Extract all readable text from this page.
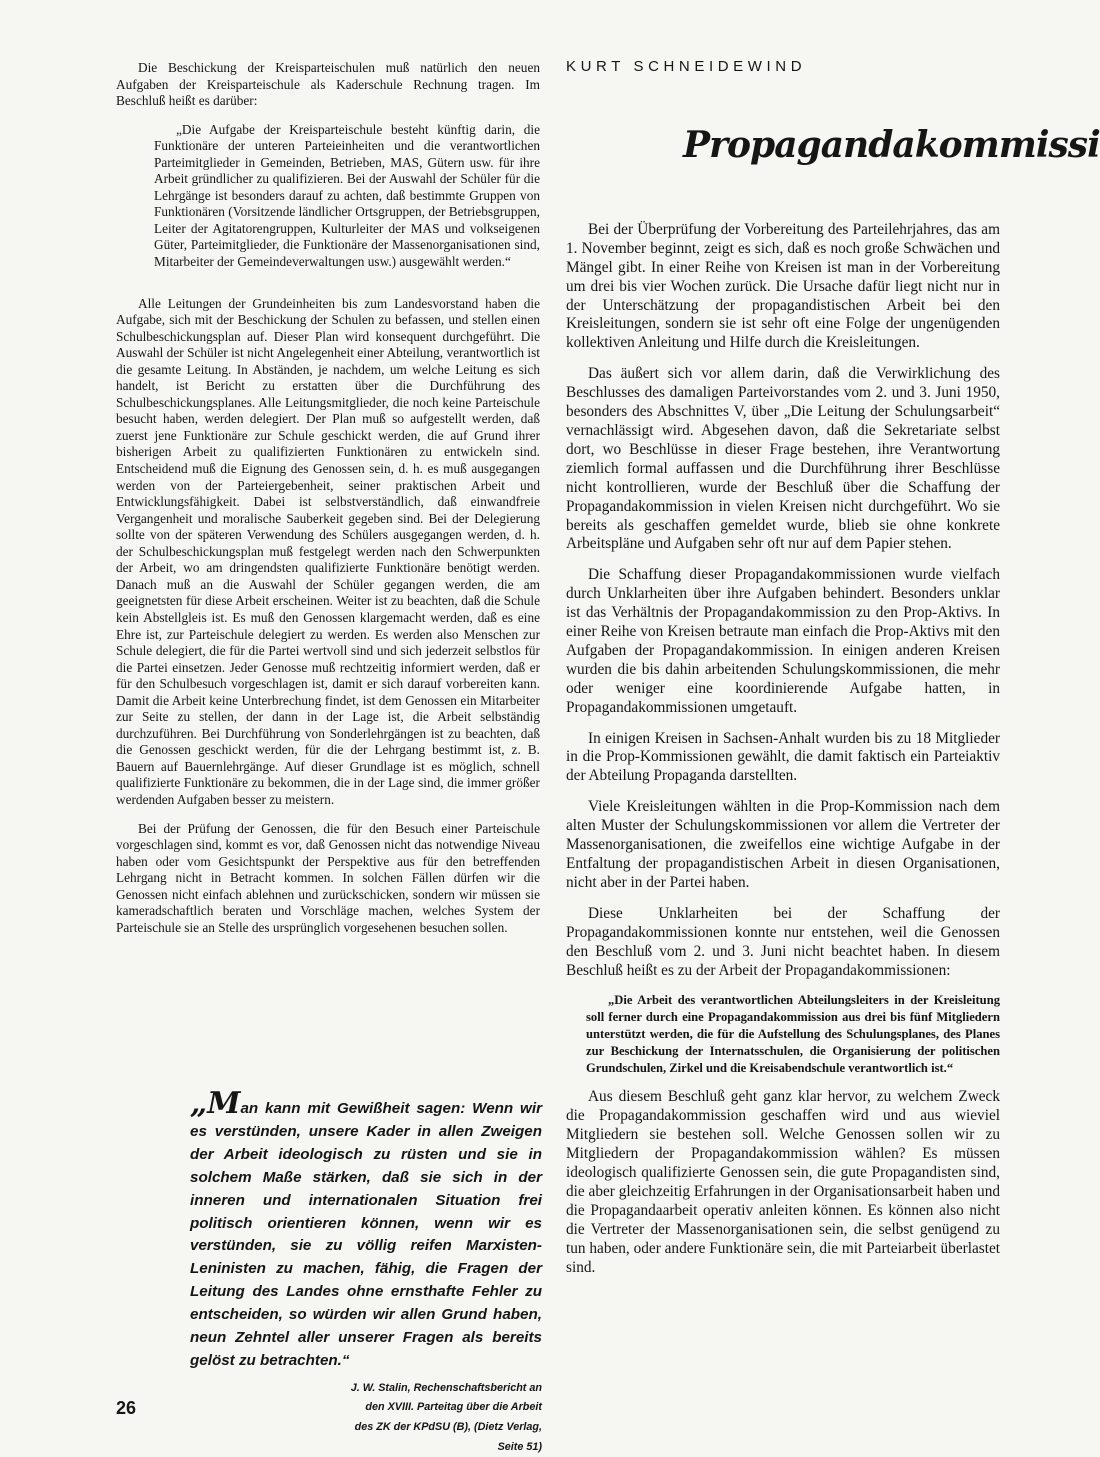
Die Beschickung der Kreisparteischulen muß natürlich den neuen Aufgaben der Kreisparteischule als Kaderschule Rechnung tragen. Im Beschluß heißt es darüber:

„Die Aufgabe der Kreisparteischule besteht künftig darin, die Funktionäre der unteren Parteieinheiten und die verantwortlichen Parteimitglieder in Gemeinden, Betrieben, MAS, Gütern usw. für ihre Arbeit gründlicher zu qualifizieren. Bei der Auswahl der Schüler für die Lehrgänge ist besonders darauf zu achten, daß bestimmte Gruppen von Funktionären (Vorsitzende ländlicher Ortsgruppen, der Betriebsgruppen, Leiter der Agitatorengruppen, Kulturleiter der MAS und volkseigenen Güter, Parteimitglieder, die Funktionäre der Massenorganisationen sind, Mitarbeiter der Gemeindeverwaltungen usw.) ausgewählt werden.“

Alle Leitungen der Grundeinheiten bis zum Landesvorstand haben die Aufgabe, sich mit der Beschickung der Schulen zu befassen, und stellen einen Schulbeschickungsplan auf. Dieser Plan wird konsequent durchgeführt. Die Auswahl der Schüler ist nicht Angelegenheit einer Abteilung, verantwortlich ist die gesamte Leitung. In Abständen, je nachdem, um welche Leitung es sich handelt, ist Bericht zu erstatten über die Durchführung des Schulbeschickungsplanes. Alle Leitungsmitglieder, die noch keine Parteischule besucht haben, werden delegiert. Der Plan muß so aufgestellt werden, daß zuerst jene Funktionäre zur Schule geschickt werden, die auf Grund ihrer bisherigen Arbeit zu qualifizierten Funktionären zu entwickeln sind. Entscheidend muß die Eignung des Genossen sein, d. h. es muß ausgegangen werden von der Parteiergebenheit, seiner praktischen Arbeit und Entwicklungsfähigkeit. Dabei ist selbstverständlich, daß einwandfreie Vergangenheit und moralische Sauberkeit gegeben sind. Bei der Delegierung sollte von der späteren Verwendung des Schülers ausgegangen werden, d. h. der Schulbeschickungsplan muß festgelegt werden nach den Schwerpunkten der Arbeit, wo am dringendsten qualifizierte Funktionäre benötigt werden. Danach muß an die Auswahl der Schüler gegangen werden, die am geeignetsten für diese Arbeit erscheinen. Weiter ist zu beachten, daß die Schule kein Abstellgleis ist. Es muß den Genossen klargemacht werden, daß es eine Ehre ist, zur Parteischule delegiert zu werden. Es werden also Menschen zur Schule delegiert, die für die Partei wertvoll sind und sich jederzeit selbstlos für die Partei einsetzen. Jeder Genosse muß rechtzeitig informiert werden, daß er für den Schulbesuch vorgeschlagen ist, damit er sich darauf vorbereiten kann. Damit die Arbeit keine Unterbrechung findet, ist dem Genossen ein Mitarbeiter zur Seite zu stellen, der dann in der Lage ist, die Arbeit selbständig durchzuführen. Bei Durchführung von Sonderlehrgängen ist zu beachten, daß die Genossen geschickt werden, für die der Lehrgang bestimmt ist, z. B. Bauern auf Bauernlehrgänge. Auf dieser Grundlage ist es möglich, schnell qualifizierte Funktionäre zu bekommen, die in der Lage sind, die immer größer werdenden Aufgaben besser zu meistern.

Bei der Prüfung der Genossen, die für den Besuch einer Parteischule vorgeschlagen sind, kommt es vor, daß Genossen nicht das notwendige Niveau haben oder vom Gesichtspunkt der Perspektive aus für den betreffenden Lehrgang nicht in Betracht kommen. In solchen Fällen dürfen wir die Genossen nicht einfach ablehnen und zurückschicken, sondern wir müssen sie kameradschaftlich beraten und Vorschläge machen, welches System der Parteischule sie an Stelle des ursprünglich vorgesehenen besuchen sollen.

„Man kann mit Gewißheit sagen: Wenn wir es verstünden, unsere Kader in allen Zweigen der Arbeit ideologisch zu rüsten und sie in solchem Maße stärken, daß sie sich in der inneren und internationalen Situation frei politisch orientieren können, wenn wir es verstünden, sie zu völlig reifen Marxisten-Leninisten zu machen, fähig, die Fragen der Leitung des Landes ohne ernsthafte Fehler zu entscheiden, so würden wir allen Grund haben, neun Zehntel aller unserer Fragen als bereits gelöst zu betrachten.“

J. W. Stalin, Rechenschaftsbericht an den XVIII. Parteitag über die Arbeit des ZK der KPdSU (B), (Dietz Verlag, Seite 51)

26

KURT SCHNEIDEWIND

Propagandakommissi

Bei der Überprüfung der Vorbereitung des Parteilehrjahres, das am 1. November beginnt, zeigt es sich, daß es noch große Schwächen und Mängel gibt. In einer Reihe von Kreisen ist man in der Vorbereitung um drei bis vier Wochen zurück. Die Ursache dafür liegt nicht nur in der Unterschätzung der propagandistischen Arbeit bei den Kreisleitungen, sondern sie ist sehr oft eine Folge der ungenügenden kollektiven Anleitung und Hilfe durch die Kreisleitungen.

Das äußert sich vor allem darin, daß die Verwirklichung des Beschlusses des damaligen Parteivorstandes vom 2. und 3. Juni 1950, besonders des Abschnittes V, über „Die Leitung der Schulungsarbeit“ vernachlässigt wird. Abgesehen davon, daß die Sekretariate selbst dort, wo Beschlüsse in dieser Frage bestehen, ihre Verantwortung ziemlich formal auffassen und die Durchführung ihrer Beschlüsse nicht kontrollieren, wurde der Beschluß über die Schaffung der Propagandakommission in vielen Kreisen nicht durchgeführt. Wo sie bereits als geschaffen gemeldet wurde, blieb sie ohne konkrete Arbeitspläne und Aufgaben sehr oft nur auf dem Papier stehen.

Die Schaffung dieser Propagandakommissionen wurde vielfach durch Unklarheiten über ihre Aufgaben behindert. Besonders unklar ist das Verhältnis der Propagandakommission zu den Prop-Aktivs. In einer Reihe von Kreisen betraute man einfach die Prop-Aktivs mit den Aufgaben der Propagandakommission. In einigen anderen Kreisen wurden die bis dahin arbeitenden Schulungskommissionen, die mehr oder weniger eine koordinierende Aufgabe hatten, in Propagandakommissionen umgetauft.

In einigen Kreisen in Sachsen-Anhalt wurden bis zu 18 Mitglieder in die Prop-Kommissionen gewählt, die damit faktisch ein Parteiaktiv der Abteilung Propaganda darstellten.

Viele Kreisleitungen wählten in die Prop-Kommission nach dem alten Muster der Schulungskommissionen vor allem die Vertreter der Massenorganisationen, die zweifellos eine wichtige Aufgabe in der Entfaltung der propagandistischen Arbeit in diesen Organisationen, nicht aber in der Partei haben.

Diese Unklarheiten bei der Schaffung der Propagandakommissionen konnte nur entstehen, weil die Genossen den Beschluß vom 2. und 3. Juni nicht beachtet haben. In diesem Beschluß heißt es zu der Arbeit der Propagandakommissionen:

„Die Arbeit des verantwortlichen Abteilungsleiters in der Kreisleitung soll ferner durch eine Propagandakommission aus drei bis fünf Mitgliedern unterstützt werden, die für die Aufstellung des Schulungsplanes, des Planes zur Beschickung der Internatsschulen, die Organisierung der politischen Grundschulen, Zirkel und die Kreisabendschule verantwortlich ist.“

Aus diesem Beschluß geht ganz klar hervor, zu welchem Zweck die Propagandakommission geschaffen wird und aus wieviel Mitgliedern sie bestehen soll. Welche Genossen sollen wir zu Mitgliedern der Propagandakommission wählen? Es müssen ideologisch qualifizierte Genossen sein, die gute Propagandisten sind, die aber gleichzeitig Erfahrungen in der Organisationsarbeit haben und die Propagandaarbeit operativ anleiten können. Es können also nicht die Vertreter der Massenorganisationen sein, die selbst genügend zu tun haben, oder andere Funktionäre sein, die mit Parteiarbeit überlastet sind.
